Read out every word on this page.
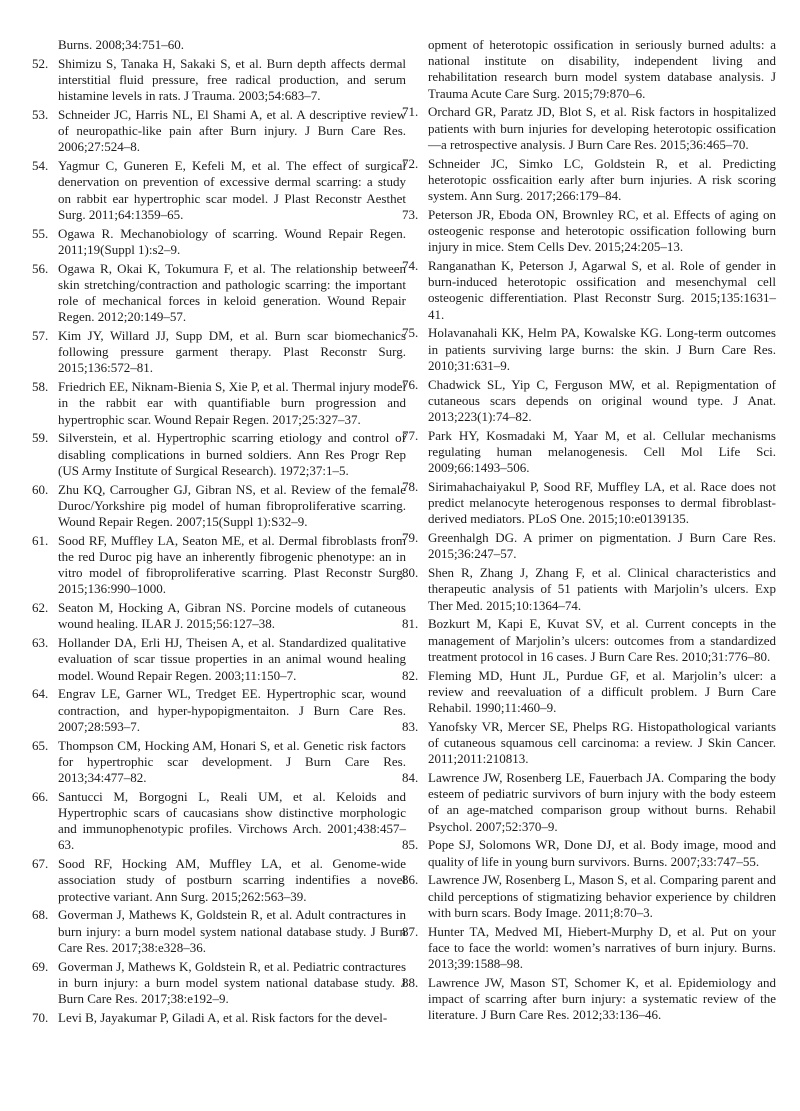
Burns. 2008;34:751–60.
52. Shimizu S, Tanaka H, Sakaki S, et al. Burn depth affects dermal interstitial fluid pressure, free radical production, and serum histamine levels in rats. J Trauma. 2003;54:683–7.
53. Schneider JC, Harris NL, El Shami A, et al. A descriptive review of neuropathic-like pain after Burn injury. J Burn Care Res. 2006;27:524–8.
54. Yagmur C, Guneren E, Kefeli M, et al. The effect of surgical denervation on prevention of excessive dermal scarring: a study on rabbit ear hypertrophic scar model. J Plast Reconstr Aesthet Surg. 2011;64:1359–65.
55. Ogawa R. Mechanobiology of scarring. Wound Repair Regen. 2011;19(Suppl 1):s2–9.
56. Ogawa R, Okai K, Tokumura F, et al. The relationship between skin stretching/contraction and pathologic scarring: the important role of mechanical forces in keloid generation. Wound Repair Regen. 2012;20:149–57.
57. Kim JY, Willard JJ, Supp DM, et al. Burn scar biomechanics following pressure garment therapy. Plast Reconstr Surg. 2015;136:572–81.
58. Friedrich EE, Niknam-Bienia S, Xie P, et al. Thermal injury model in the rabbit ear with quantifiable burn progression and hypertrophic scar. Wound Repair Regen. 2017;25:327–37.
59. Silverstein, et al. Hypertrophic scarring etiology and control of disabling complications in burned soldiers. Ann Res Progr Rep (US Army Institute of Surgical Research). 1972;37:1–5.
60. Zhu KQ, Carrougher GJ, Gibran NS, et al. Review of the female Duroc/Yorkshire pig model of human fibroproliferative scarring. Wound Repair Regen. 2007;15(Suppl 1):S32–9.
61. Sood RF, Muffley LA, Seaton ME, et al. Dermal fibroblasts from the red Duroc pig have an inherently fibrogenic phenotype: an in vitro model of fibroproliferative scarring. Plast Reconstr Surg. 2015;136:990–1000.
62. Seaton M, Hocking A, Gibran NS. Porcine models of cutaneous wound healing. ILAR J. 2015;56:127–38.
63. Hollander DA, Erli HJ, Theisen A, et al. Standardized qualitative evaluation of scar tissue properties in an animal wound healing model. Wound Repair Regen. 2003;11:150–7.
64. Engrav LE, Garner WL, Tredget EE. Hypertrophic scar, wound contraction, and hyper-hypopigmentaiton. J Burn Care Res. 2007;28:593–7.
65. Thompson CM, Hocking AM, Honari S, et al. Genetic risk factors for hypertrophic scar development. J Burn Care Res. 2013;34:477–82.
66. Santucci M, Borgogni L, Reali UM, et al. Keloids and Hypertrophic scars of caucasians show distinctive morphologic and immunophenotypic profiles. Virchows Arch. 2001;438:457–63.
67. Sood RF, Hocking AM, Muffley LA, et al. Genome-wide association study of postburn scarring indentifies a novel protective variant. Ann Surg. 2015;262:563–39.
68. Goverman J, Mathews K, Goldstein R, et al. Adult contractures in burn injury: a burn model system national database study. J Burn Care Res. 2017;38:e328–36.
69. Goverman J, Mathews K, Goldstein R, et al. Pediatric contractures in burn injury: a burn model system national database study. J Burn Care Res. 2017;38:e192–9.
70. Levi B, Jayakumar P, Giladi A, et al. Risk factors for the devel-
opment of heterotopic ossification in seriously burned adults: a national institute on disability, independent living and rehabilitation research burn model system database analysis. J Trauma Acute Care Surg. 2015;79:870–6.
71. Orchard GR, Paratz JD, Blot S, et al. Risk factors in hospitalized patients with burn injuries for developing heterotopic ossification—a retrospective analysis. J Burn Care Res. 2015;36:465–70.
72. Schneider JC, Simko LC, Goldstein R, et al. Predicting heterotopic ossficaition early after burn injuries. A risk scoring system. Ann Surg. 2017;266:179–84.
73. Peterson JR, Eboda ON, Brownley RC, et al. Effects of aging on osteogenic response and heterotopic ossification following burn injury in mice. Stem Cells Dev. 2015;24:205–13.
74. Ranganathan K, Peterson J, Agarwal S, et al. Role of gender in burn-induced heterotopic ossification and mesenchymal cell osteogenic differentiation. Plast Reconstr Surg. 2015;135:1631–41.
75. Holavanahali KK, Helm PA, Kowalske KG. Long-term outcomes in patients surviving large burns: the skin. J Burn Care Res. 2010;31:631–9.
76. Chadwick SL, Yip C, Ferguson MW, et al. Repigmentation of cutaneous scars depends on original wound type. J Anat. 2013;223(1):74–82.
77. Park HY, Kosmadaki M, Yaar M, et al. Cellular mechanisms regulating human melanogenesis. Cell Mol Life Sci. 2009;66:1493–506.
78. Sirimahachaiyakul P, Sood RF, Muffley LA, et al. Race does not predict melanocyte heterogenous responses to dermal fibroblast-derived mediators. PLoS One. 2015;10:e0139135.
79. Greenhalgh DG. A primer on pigmentation. J Burn Care Res. 2015;36:247–57.
80. Shen R, Zhang J, Zhang F, et al. Clinical characteristics and therapeutic analysis of 51 patients with Marjolin’s ulcers. Exp Ther Med. 2015;10:1364–74.
81. Bozkurt M, Kapi E, Kuvat SV, et al. Current concepts in the management of Marjolin’s ulcers: outcomes from a standardized treatment protocol in 16 cases. J Burn Care Res. 2010;31:776–80.
82. Fleming MD, Hunt JL, Purdue GF, et al. Marjolin’s ulcer: a review and reevaluation of a difficult problem. J Burn Care Rehabil. 1990;11:460–9.
83. Yanofsky VR, Mercer SE, Phelps RG. Histopathological variants of cutaneous squamous cell carcinoma: a review. J Skin Cancer. 2011;2011:210813.
84. Lawrence JW, Rosenberg LE, Fauerbach JA. Comparing the body esteem of pediatric survivors of burn injury with the body esteem of an age-matched comparison group without burns. Rehabil Psychol. 2007;52:370–9.
85. Pope SJ, Solomons WR, Done DJ, et al. Body image, mood and quality of life in young burn survivors. Burns. 2007;33:747–55.
86. Lawrence JW, Rosenberg L, Mason S, et al. Comparing parent and child perceptions of stigmatizing behavior experience by children with burn scars. Body Image. 2011;8:70–3.
87. Hunter TA, Medved MI, Hiebert-Murphy D, et al. Put on your face to face the world: women’s narratives of burn injury. Burns. 2013;39:1588–98.
88. Lawrence JW, Mason ST, Schomer K, et al. Epidemiology and impact of scarring after burn injury: a systematic review of the literature. J Burn Care Res. 2012;33:136–46.
